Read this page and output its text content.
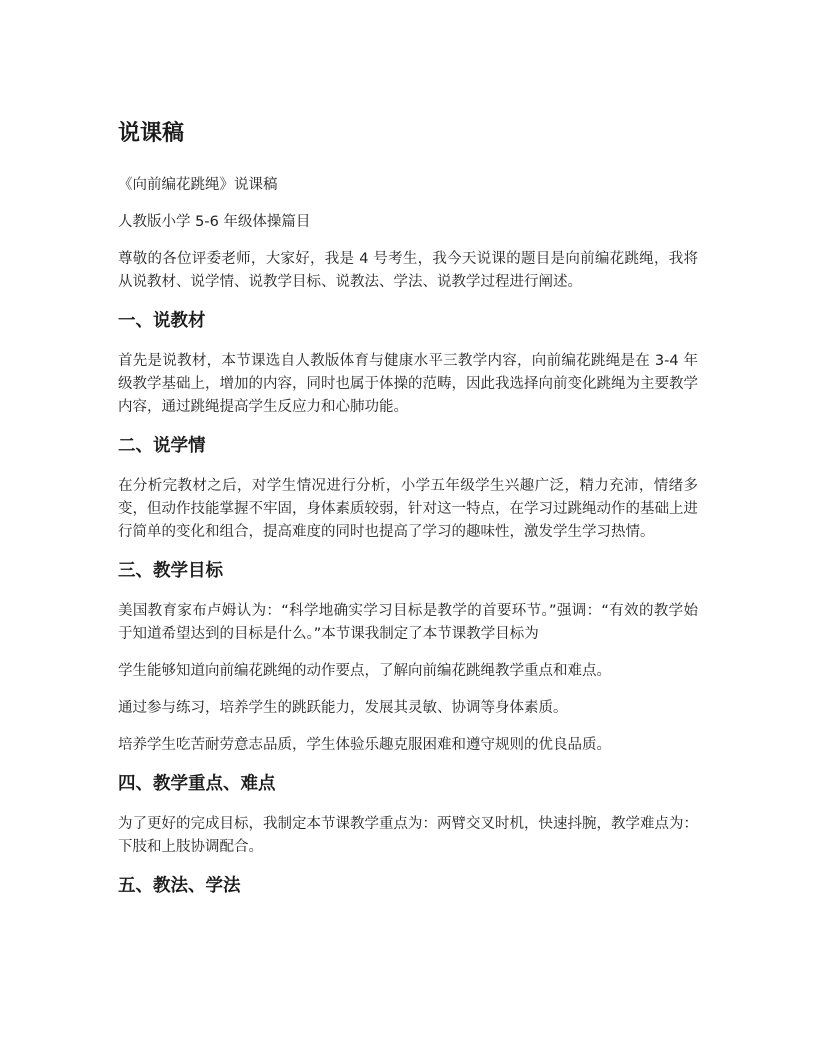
说课稿

《向前编花跳绳》说课稿

人教版小学 5-6 年级体操篇目

尊敬的各位评委老师，大家好，我是 4 号考生，我今天说课的题目是向前编花跳绳，我将从说教材、说学情、说教学目标、说教法、学法、说教学过程进行阐述。

一、说教材

首先是说教材，本节课选自人教版体育与健康水平三教学内容，向前编花跳绳是在 3-4 年级教学基础上，增加的内容，同时也属于体操的范畴，因此我选择向前变化跳绳为主要教学内容，通过跳绳提高学生反应力和心肺功能。

二、说学情

在分析完教材之后，对学生情况进行分析，小学五年级学生兴趣广泛，精力充沛，情绪多变，但动作技能掌握不牢固，身体素质较弱，针对这一特点，在学习过跳绳动作的基础上进行简单的变化和组合，提高难度的同时也提高了学习的趣味性，激发学生学习热情。

三、教学目标

美国教育家布卢姆认为：“科学地确实学习目标是教学的首要环节。”强调：“有效的教学始于知道希望达到的目标是什么。”本节课我制定了本节课教学目标为

学生能够知道向前编花跳绳的动作要点，了解向前编花跳绳教学重点和难点。

通过参与练习，培养学生的跳跃能力，发展其灵敏、协调等身体素质。

培养学生吃苦耐劳意志品质，学生体验乐趣克服困难和遵守规则的优良品质。

四、教学重点、难点

为了更好的完成目标，我制定本节课教学重点为：两臂交叉时机，快速抖腕，教学难点为：下肢和上肢协调配合。

五、教法、学法
